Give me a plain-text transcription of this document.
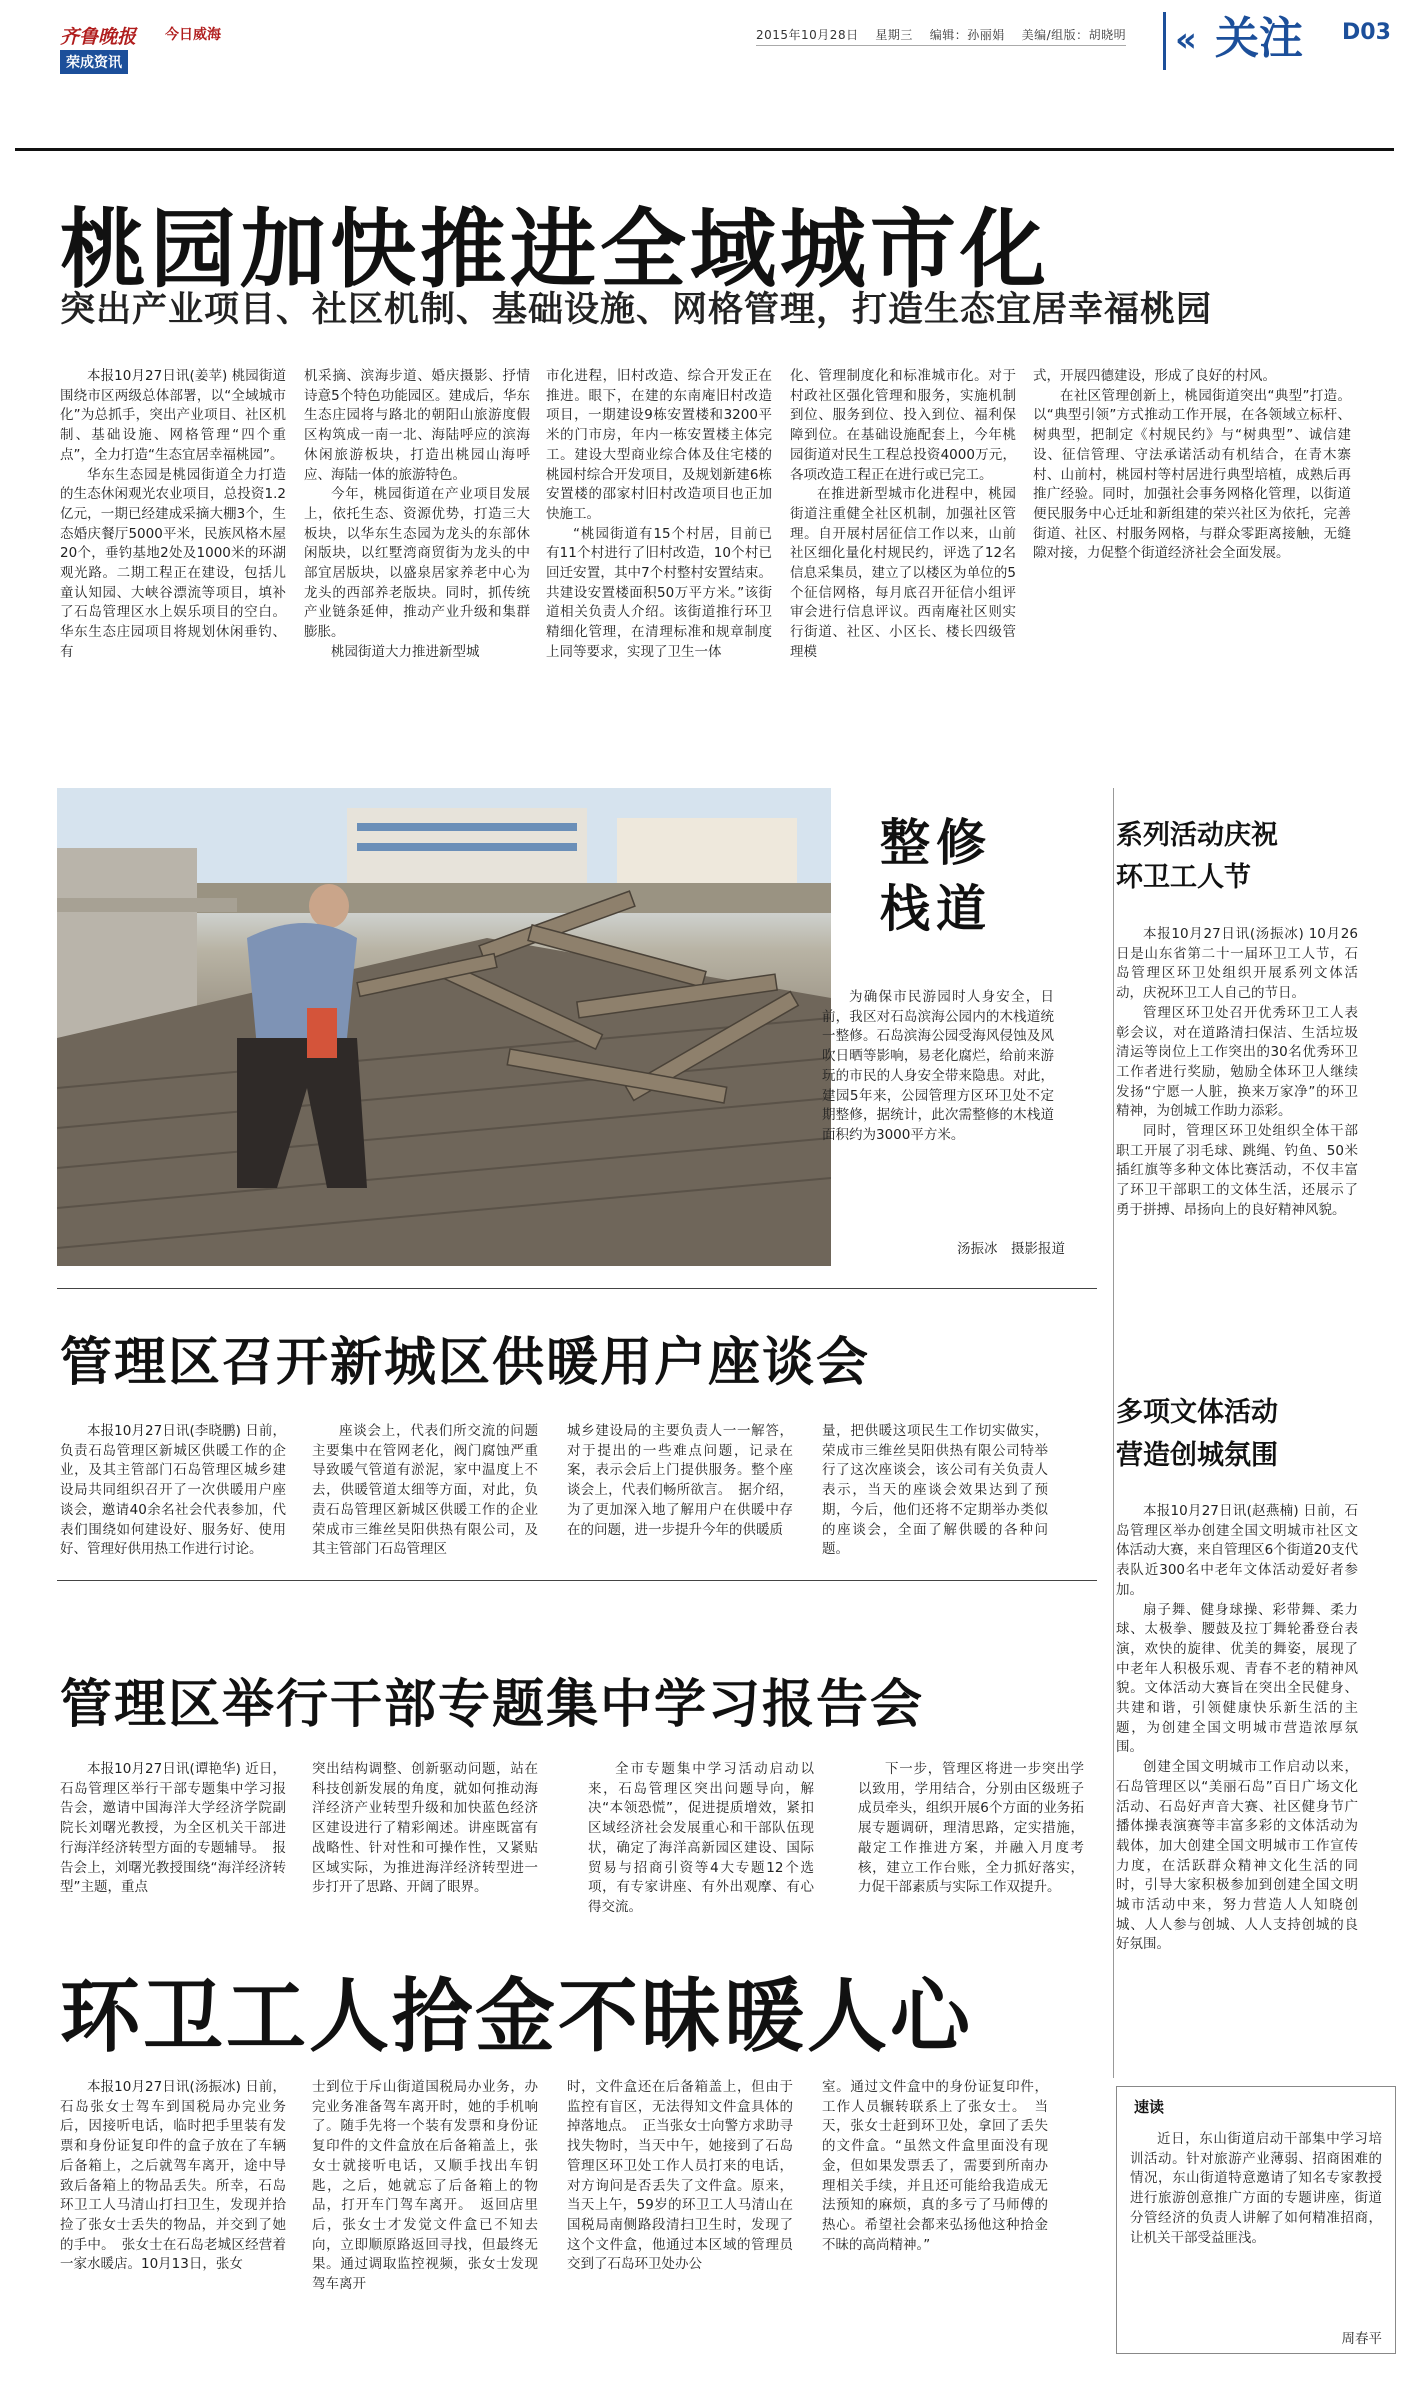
齐鲁晚报 今日威海
荣成资讯
2015年10月28日　 星期三　 编辑：孙丽娟　 美编/组版：胡晓明 « 关注 D03
桃园加快推进全域城市化
突出产业项目、社区机制、基础设施、网格管理，打造生态宜居幸福桃园

本报10月27日讯(姜苹) 桃园街道围绕市区两级总体部署，以“全域城市化”为总抓手，突出产业项目、社区机制、基础设施、网格管理“四个重点”，全力打造“生态宜居幸福桃园”。

华东生态园是桃园街道全力打造的生态休闲观光农业项目，总投资1.2亿元，一期已经建成采摘大棚3个，生态婚庆餐厅5000平米，民族风格木屋20个，垂钓基地2处及1000米的环湖观光路。二期工程正在建设，包括儿童认知园、大峡谷漂流等项目，填补了石岛管理区水上娱乐项目的空白。华东生态庄园项目将规划休闲垂钓、有

机采摘、滨海步道、婚庆摄影、抒情诗意5个特色功能园区。建成后，华东生态庄园将与路北的朝阳山旅游度假区构筑成一南一北、海陆呼应的滨海休闲旅游板块，打造出桃园山海呼应、海陆一体的旅游特色。

今年，桃园街道在产业项目发展上，依托生态、资源优势，打造三大板块，以华东生态园为龙头的东部休闲版块，以红墅湾商贸街为龙头的中部宜居版块，以盛泉居家养老中心为龙头的西部养老版块。同时，抓传统产业链条延伸，推动产业升级和集群膨胀。

桃园街道大力推进新型城

市化进程，旧村改造、综合开发正在推进。眼下，在建的东南庵旧村改造项目，一期建设9栋安置楼和3200平米的门市房，年内一栋安置楼主体完工。建设大型商业综合体及住宅楼的桃园村综合开发项目，及规划新建6栋安置楼的邵家村旧村改造项目也正加快施工。

“桃园街道有15个村居，目前已有11个村进行了旧村改造，10个村已回迁安置，其中7个村整村安置结束。共建设安置楼面积50万平方米。”该街道相关负责人介绍。该街道推行环卫精细化管理，在清理标准和规章制度上同等要求，实现了卫生一体

化、管理制度化和标准城市化。对于村政社区强化管理和服务，实施机制到位、服务到位、投入到位、福利保障到位。在基础设施配套上，今年桃园街道对民生工程总投资4000万元，各项改造工程正在进行或已完工。

在推进新型城市化进程中，桃园街道注重健全社区机制，加强社区管理。自开展村居征信工作以来，山前社区细化量化村规民约，评选了12名信息采集员，建立了以楼区为单位的5个征信网格，每月底召开征信小组评审会进行信息评议。西南庵社区则实行街道、社区、小区长、楼长四级管理模

式，开展四德建设，形成了良好的村风。

在社区管理创新上，桃园街道突出“典型”打造。以“典型引领”方式推动工作开展，在各领域立标杆、树典型，把制定《村规民约》与“树典型”、诚信建设、征信管理、守法承诺活动有机结合，在青木寨村、山前村，桃园村等村居进行典型培植，成熟后再推广经验。同时，加强社会事务网格化管理，以街道便民服务中心迁址和新组建的荣兴社区为依托，完善街道、社区、村服务网格，与群众零距离接触，无缝隙对接，力促整个街道经济社会全面发展。

整修
栈道
为确保市民游园时人身安全，日前，我区对石岛滨海公园内的木栈道统一整修。石岛滨海公园受海风侵蚀及风吹日晒等影响，易老化腐烂，给前来游玩的市民的人身安全带来隐患。对此，建园5年来，公园管理方区环卫处不定期整修，据统计，此次需整修的木栈道面积约为3000平方米。
汤振冰　摄影报道
系列活动庆祝
环卫工人节

本报10月27日讯(汤振冰) 10月26日是山东省第二十一届环卫工人节，石岛管理区环卫处组织开展系列文体活动，庆祝环卫工人自己的节日。

管理区环卫处召开优秀环卫工人表彰会议，对在道路清扫保洁、生活垃圾清运等岗位上工作突出的30名优秀环卫工作者进行奖励，勉励全体环卫人继续发扬“宁愿一人脏，换来万家净”的环卫精神，为创城工作助力添彩。

同时，管理区环卫处组织全体干部职工开展了羽毛球、跳绳、钓鱼、50米插红旗等多种文体比赛活动，不仅丰富了环卫干部职工的文体生活，还展示了勇于拼搏、昂扬向上的良好精神风貌。

多项文体活动
营造创城氛围

本报10月27日讯(赵燕楠) 日前，石岛管理区举办创建全国文明城市社区文体活动大赛，来自管理区6个街道20支代表队近300名中老年文体活动爱好者参加。

扇子舞、健身球操、彩带舞、柔力球、太极拳、腰鼓及拉丁舞轮番登台表演，欢快的旋律、优美的舞姿，展现了中老年人积极乐观、青春不老的精神风貌。文体活动大赛旨在突出全民健身、共建和谐，引领健康快乐新生活的主题，为创建全国文明城市营造浓厚氛围。

创建全国文明城市工作启动以来，石岛管理区以“美丽石岛”百日广场文化活动、石岛好声音大赛、社区健身节广播体操表演赛等丰富多彩的文体活动为载体，加大创建全国文明城市工作宣传力度，在活跃群众精神文化生活的同时，引导大家积极参加到创建全国文明城市活动中来，努力营造人人知晓创城、人人参与创城、人人支持创城的良好氛围。

管理区召开新城区供暖用户座谈会
本报10月27日讯(李晓鹏) 日前，负责石岛管理区新城区供暖工作的企业，及其主管部门石岛管理区城乡建设局共同组织召开了一次供暖用户座谈会，邀请40余名社会代表参加，代表们围绕如何建设好、服务好、使用好、管理好供用热工作进行讨论。
座谈会上，代表们所交流的问题主要集中在管网老化，阀门腐蚀严重导致暖气管道有淤泥，家中温度上不去，供暖管道太细等方面，对此，负责石岛管理区新城区供暖工作的企业荣成市三维丝昊阳供热有限公司，及其主管部门石岛管理区
城乡建设局的主要负责人一一解答，对于提出的一些难点问题，记录在案，表示会后上门提供服务。整个座谈会上，代表们畅所欲言。　据介绍，为了更加深入地了解用户在供暖中存在的问题，进一步提升今年的供暖质
量，把供暖这项民生工作切实做实，荣成市三维丝昊阳供热有限公司特举行了这次座谈会，该公司有关负责人表示，当天的座谈会效果达到了预期，今后，他们还将不定期举办类似的座谈会，全面了解供暖的各种问题。
管理区举行干部专题集中学习报告会
本报10月27日讯(谭艳华) 近日，石岛管理区举行干部专题集中学习报告会，邀请中国海洋大学经济学院副院长刘曙光教授，为全区机关干部进行海洋经济转型方面的专题辅导。　报告会上，刘曙光教授围绕“海洋经济转型”主题，重点
突出结构调整、创新驱动问题，站在科技创新发展的角度，就如何推动海洋经济产业转型升级和加快蓝色经济区建设进行了精彩阐述。讲座既富有战略性、针对性和可操作性，又紧贴区域实际，为推进海洋经济转型进一步打开了思路、开阔了眼界。
全市专题集中学习活动启动以来，石岛管理区突出问题导向，解决“本领恐慌”，促进提质增效，紧扣区域经济社会发展重心和干部队伍现状，确定了海洋高新园区建设、国际贸易与招商引资等4大专题12个选项，有专家讲座、有外出观摩、有心得交流。
下一步，管理区将进一步突出学以致用，学用结合，分别由区级班子成员牵头，组织开展6个方面的业务拓展专题调研，理清思路，定实措施，敲定工作推进方案，并融入月度考核，建立工作台账，全力抓好落实，力促干部素质与实际工作双提升。
环卫工人拾金不昧暖人心
本报10月27日讯(汤振冰) 日前，石岛张女士驾车到国税局办完业务后，因接听电话，临时把手里装有发票和身份证复印件的盒子放在了车辆后备箱上，之后就驾车离开，途中导致后备箱上的物品丢失。所幸，石岛环卫工人马清山打扫卫生，发现并拾捡了张女士丢失的物品，并交到了她的手中。　张女士在石岛老城区经营着一家水暖店。10月13日，张女
士到位于斥山街道国税局办业务，办完业务准备驾车离开时，她的手机响了。随手先将一个装有发票和身份证复印件的文件盒放在后备箱盖上，张女士就接听电话，又顺手找出车钥匙，之后，她就忘了后备箱上的物品，打开车门驾车离开。　返回店里后，张女士才发觉文件盒已不知去向，立即顺原路返回寻找，但最终无果。通过调取监控视频，张女士发现驾车离开
时，文件盒还在后备箱盖上，但由于监控有盲区，无法得知文件盒具体的掉落地点。　正当张女士向警方求助寻找失物时，当天中午，她接到了石岛管理区环卫处工作人员打来的电话，对方询问是否丢失了文件盒。原来，当天上午，59岁的环卫工人马清山在国税局南侧路段清扫卫生时，发现了这个文件盒，他通过本区域的管理员交到了石岛环卫处办公
室。通过文件盒中的身份证复印件，工作人员辗转联系上了张女士。　当天，张女士赶到环卫处，拿回了丢失的文件盒。“虽然文件盒里面没有现金，但如果发票丢了，需要到所南办理相关手续，并且还可能给我造成无法预知的麻烦，真的多亏了马师傅的热心。希望社会都来弘扬他这种拾金不昧的高尚精神。”
速读
近日，东山街道启动干部集中学习培训活动。针对旅游产业薄弱、招商困难的情况，东山街道特意邀请了知名专家教授进行旅游创意推广方面的专题讲座，街道分管经济的负责人讲解了如何精准招商，让机关干部受益匪浅。
周春平
